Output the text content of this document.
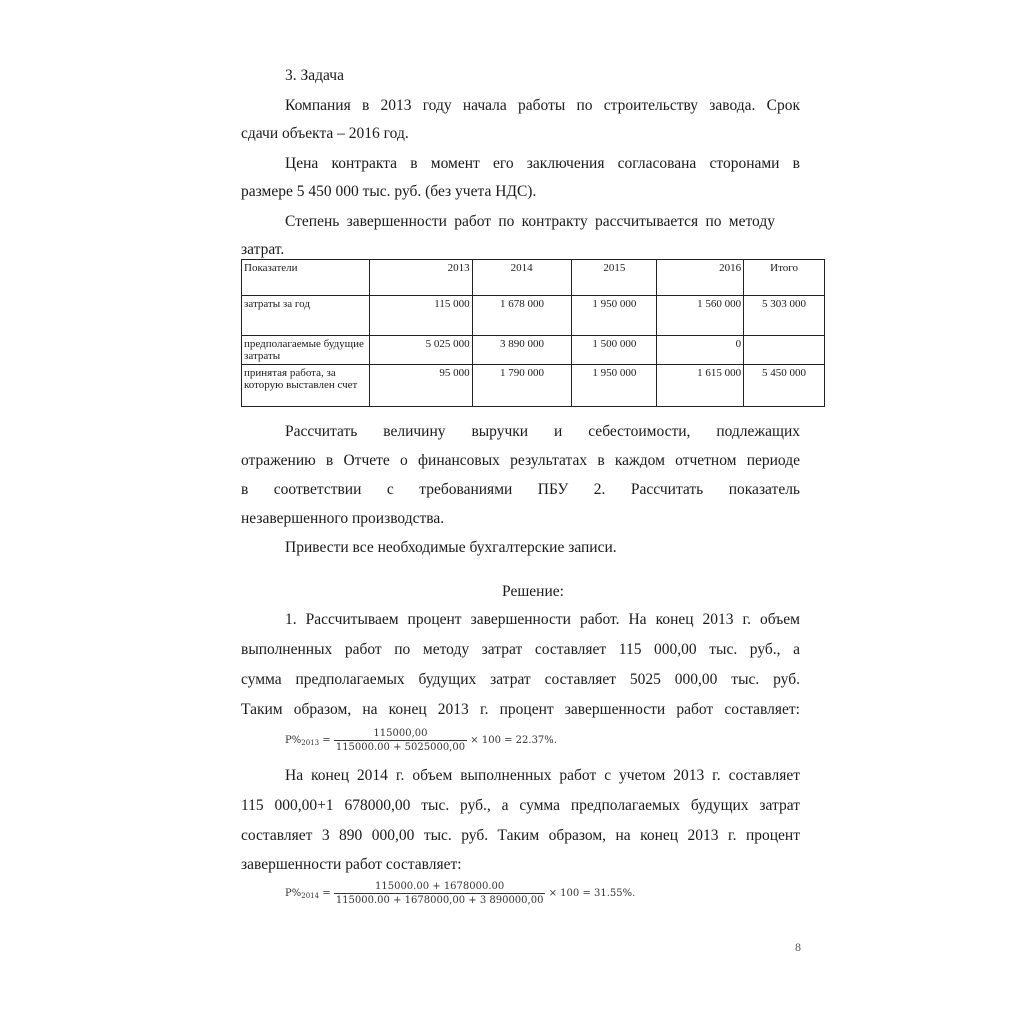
3. Задача
Компания в 2013 году начала работы по строительству завода. Срок
сдачи объекта – 2016 год.
Цена контракта в момент его заключения согласована сторонами в
размере 5 450 000 тыс. руб. (без учета НДС).
Степень завершенности работ по контракту рассчитывается по методу
затрат.
Показатели	2013	2014	2015	2016	Итого
затраты за год	115 000	1 678 000	1 950 000	1 560 000	5 303 000
предполагаемые будущие затраты	5 025 000	3 890 000	1 500 000	0	
принятая работа, за которую выставлен счет	95 000	1 790 000	1 950 000	1 615 000	5 450 000
Рассчитать величину выручки и себестоимости, подлежащих
отражению в Отчете о финансовых результатах в каждом отчетном периоде
в соответствии с требованиями ПБУ 2. Рассчитать показатель
незавершенного производства.
Привести все необходимые бухгалтерские записи.
Решение:
1. Рассчитываем процент завершенности работ. На конец 2013 г. объем
выполненных работ по методу затрат составляет 115 000,00 тыс. руб., а
сумма предполагаемых будущих затрат составляет 5025 000,00 тыс. руб.
Таким образом, на конец 2013 г. процент завершенности работ составляет:
$P\%_{2013} = \frac{115000,00}{115000.00 + 5025000,00} \times 100 = 22.37\%$.
На конец 2014 г. объем выполненных работ с учетом 2013 г. составляет
115 000,00+1 678000,00 тыс. руб., а сумма предполагаемых будущих затрат
составляет 3 890 000,00 тыс. руб. Таким образом, на конец 2013 г. процент
завершенности работ составляет:
$P\%_{2014} = \frac{115000.00 + 1678000.00}{115000.00 + 1678000,00 + 3 890000,00} \times 100 = 31.55\%$.
8
